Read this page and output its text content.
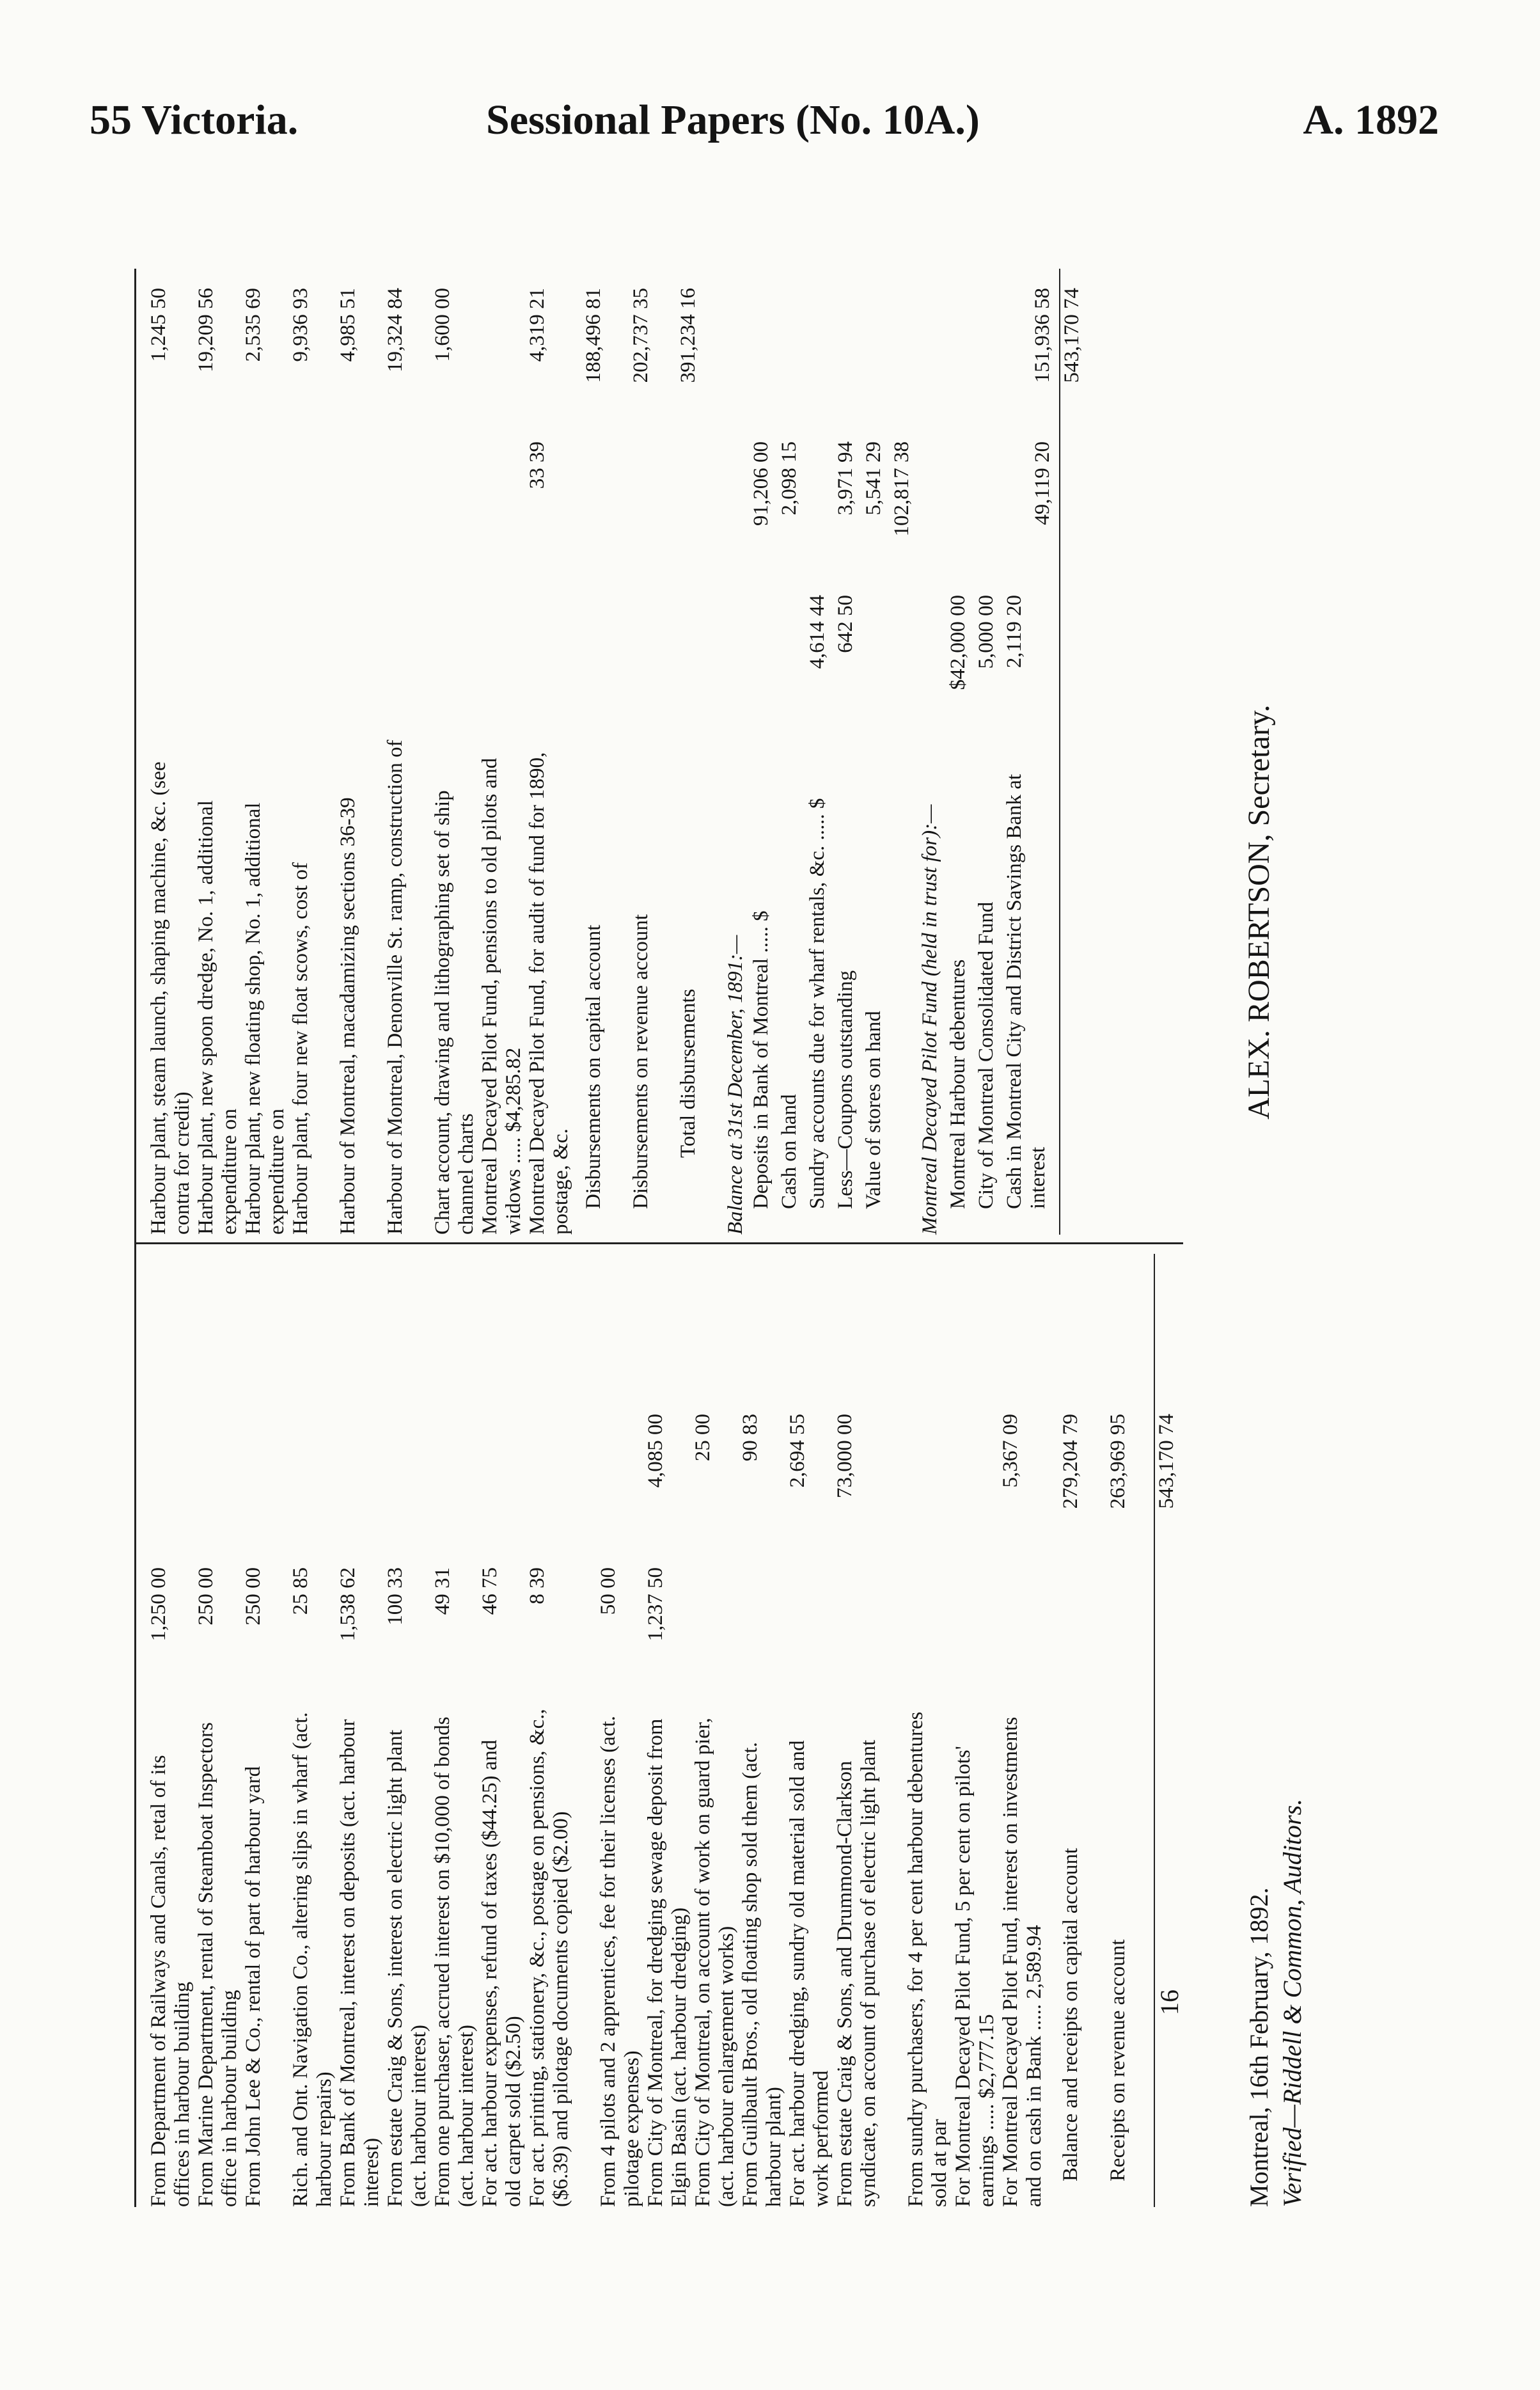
55 Victoria.	Sessional Papers (No. 10A.)	A. 1892
From Department of Railways and Canals, retal of its offices in harbour building
1,250 00
From Marine Department, rental of Steamboat Inspectors office in harbour building
250 00
From John Lee & Co., rental of part of harbour yard
250 00
Rich. and Ont. Navigation Co., altering slips in wharf (act. harbour repairs)
25 85
From Bank of Montreal, interest on deposits (act. harbour interest)
1,538 62
From estate Craig & Sons, interest on electric light plant (act. harbour interest)
100 33
From one purchaser, accrued interest on $10,000 of bonds (act. harbour interest)
49 31
For act. harbour expenses, refund of taxes ($44.25) and old carpet sold ($2.50)
46 75
For act. printing, stationery, &c., postage on pensions, &c., ($6.39) and pilotage documents copied ($2.00)
8 39
From 4 pilots and 2 apprentices, fee for their licenses (act. pilotage expenses)
50 00
From City of Montreal, for dredging sewage deposit from Elgin Basin (act. harbour dredging)
1,237 50
4,085 00
From City of Montreal, on account of work on guard pier, (act. harbour enlargement works)
25 00
From Guilbault Bros., old floating shop sold them (act. harbour plant)
90 83
For act. harbour dredging, sundry old material sold and work performed
2,694 55
From estate Craig & Sons, and Drummond-Clarkson syndicate, on account of purchase of electric light plant
73,000 00
From sundry purchasers, for 4 per cent harbour debentures sold at par For Montreal Decayed Pilot Fund, 5 per cent on pilots' earnings ..... $2,777.15 For Montreal Decayed Pilot Fund, interest on investments and on cash in Bank ..... 2,589.94
5,367 09
Balance and receipts on capital account
279,204 79
Receipts on revenue account
263,969 95 543,170 74
Harbour plant, steam launch, shaping machine, &c. (see contra for credit)
1,245 50
Harbour plant, new spoon dredge, No. 1, additional expenditure on
19,209 56
Harbour plant, new floating shop, No. 1, additional expenditure on
2,535 69
Harbour plant, four new float scows, cost of
9,936 93
Harbour of Montreal, macadamizing sections 36-39
4,985 51
Harbour of Montreal, Denonville St. ramp, construction of
19,324 84
Chart account, drawing and lithographing set of ship channel charts
1,600 00
Montreal Decayed Pilot Fund, pensions to old pilots and widows ..... $4,285.82 Montreal Decayed Pilot Fund, for audit of fund for 1890, postage, &c.
33 39
4,319 21
Disbursements on capital account
188,496 81
Disbursements on revenue account
202,737 35
Total disbursements
391,234 16
Balance at 31st December, 1891:— Deposits in Bank of Montreal ..... $
91,206 00
Cash on hand
2,098 15
Sundry accounts due for wharf rentals, &c. ..... $
4,614 44
Less—Coupons outstanding
642 50
3,971 94
Value of stores on hand
5,541 29 102,817 38
Montreal Decayed Pilot Fund (held in trust for):— Montreal Harbour debentures
$42,000 00
City of Montreal Consolidated Fund
5,000 00
Cash in Montreal City and District Savings Bank at interest
2,119 20
49,119 20
151,936 58 543,170 74
16 Montreal, 16th February, 1892. Verified—Riddell & Common, Auditors.
ALEX. ROBERTSON, Secretary.
